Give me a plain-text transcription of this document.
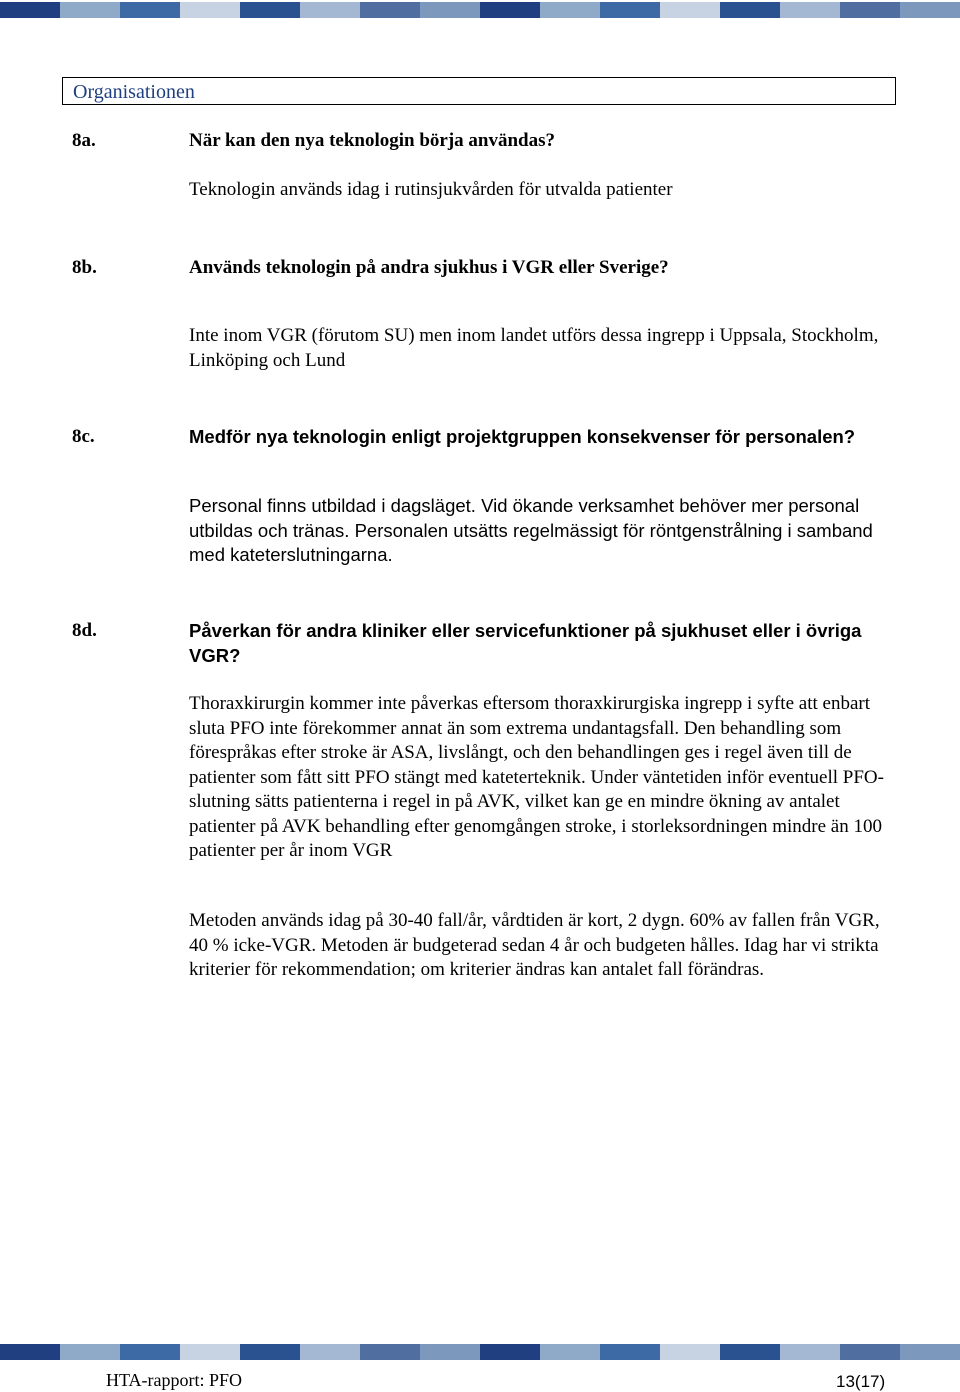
Organisationen
8a.	När kan den nya teknologin börja användas?
Teknologin används idag i rutinsjukvården för utvalda patienter
8b.	Används teknologin på andra sjukhus i VGR eller Sverige?
Inte inom VGR (förutom SU) men inom landet utförs dessa ingrepp i Uppsala, Stockholm, Linköping och Lund
8c.	Medför nya teknologin enligt projektgruppen konsekvenser för personalen?
Personal finns utbildad i dagsläget. Vid ökande verksamhet behöver mer personal utbildas och tränas. Personalen utsätts regelmässigt för röntgenstrålning i samband med kateterslutningarna.
8d.	Påverkan för andra kliniker eller servicefunktioner på sjukhuset eller i övriga VGR?
Thoraxkirurgin kommer inte påverkas eftersom thoraxkirurgiska ingrepp i syfte att enbart sluta PFO inte förekommer annat än som extrema undantagsfall. Den behandling som förespråkas efter stroke är ASA, livslångt, och den behandlingen ges i regel även till de patienter som fått sitt PFO stängt med kateterteknik. Under väntetiden inför eventuell PFO-slutning sätts patienterna i regel in på AVK, vilket kan ge en mindre ökning av antalet patienter på AVK behandling efter genomgången stroke, i storleksordningen mindre än 100 patienter per år inom VGR
Metoden används idag på 30-40 fall/år, vårdtiden är kort, 2 dygn. 60% av fallen från VGR, 40 % icke-VGR. Metoden är budgeterad sedan 4 år och budgeten hålles. Idag har vi strikta kriterier för rekommendation; om kriterier ändras kan antalet fall förändras.
HTA-rapport: PFO	13(17)
